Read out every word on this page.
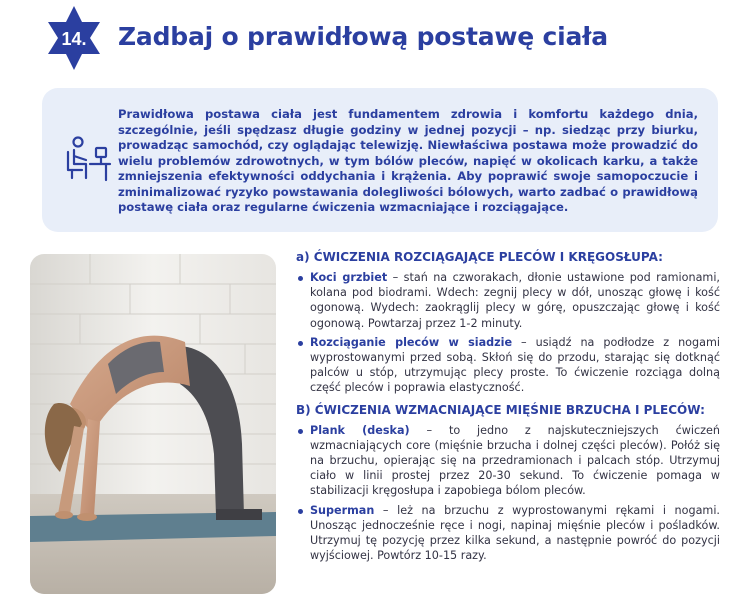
14. Zadbaj o prawidłową postawę ciała

Prawidłowa postawa ciała jest fundamentem zdrowia i komfortu każdego dnia, szczególnie, jeśli spędzasz długie godziny w jednej pozycji – np. siedząc przy biurku, prowadząc samochód, czy oglądając telewizję. Niewłaściwa postawa może prowadzić do wielu problemów zdrowotnych, w tym bólów pleców, napięć w okolicach karku, a także zmniejszenia efektywności oddychania i krążenia. Aby poprawić swoje samopoczucie i zminimalizować ryzyko powstawania dolegliwości bólowych, warto zadbać o prawidłową postawę ciała oraz regularne ćwiczenia wzmacniające i rozciągające.

a) ĆWICZENIA ROZCIĄGAJĄCE PLECÓW I KRĘGOSŁUPA:
Koci grzbiet – stań na czworakach, dłonie ustawione pod ramionami, kolana pod biodrami. Wdech: zegnij plecy w dół, unosząc głowę i kość ogonową. Wydech: zaokrąglij plecy w górę, opuszczając głowę i kość ogonową. Powtarzaj przez 1-2 minuty.
Rozciąganie pleców w siadzie – usiądź na podłodze z nogami wyprostowanymi przed sobą. Skłoń się do przodu, starając się dotknąć palców u stóp, utrzymując plecy proste. To ćwiczenie rozciąga dolną część pleców i poprawia elastyczność.
B) ĆWICZENIA WZMACNIAJĄCE MIĘŚNIE BRZUCHA I PLECÓW:
Plank (deska) – to jedno z najskuteczniejszych ćwiczeń wzmacniających core (mięśnie brzucha i dolnej części pleców). Połóż się na brzuchu, opierając się na przedramionach i palcach stóp. Utrzymuj ciało w linii prostej przez 20-30 sekund. To ćwiczenie pomaga w stabilizacji kręgosłupa i zapobiega bólom pleców.
Superman – leż na brzuchu z wyprostowanymi rękami i nogami. Unosząc jednocześnie ręce i nogi, napinaj mięśnie pleców i pośladków. Utrzymuj tę pozycję przez kilka sekund, a następnie powróć do pozycji wyjściowej. Powtórz 10-15 razy.
